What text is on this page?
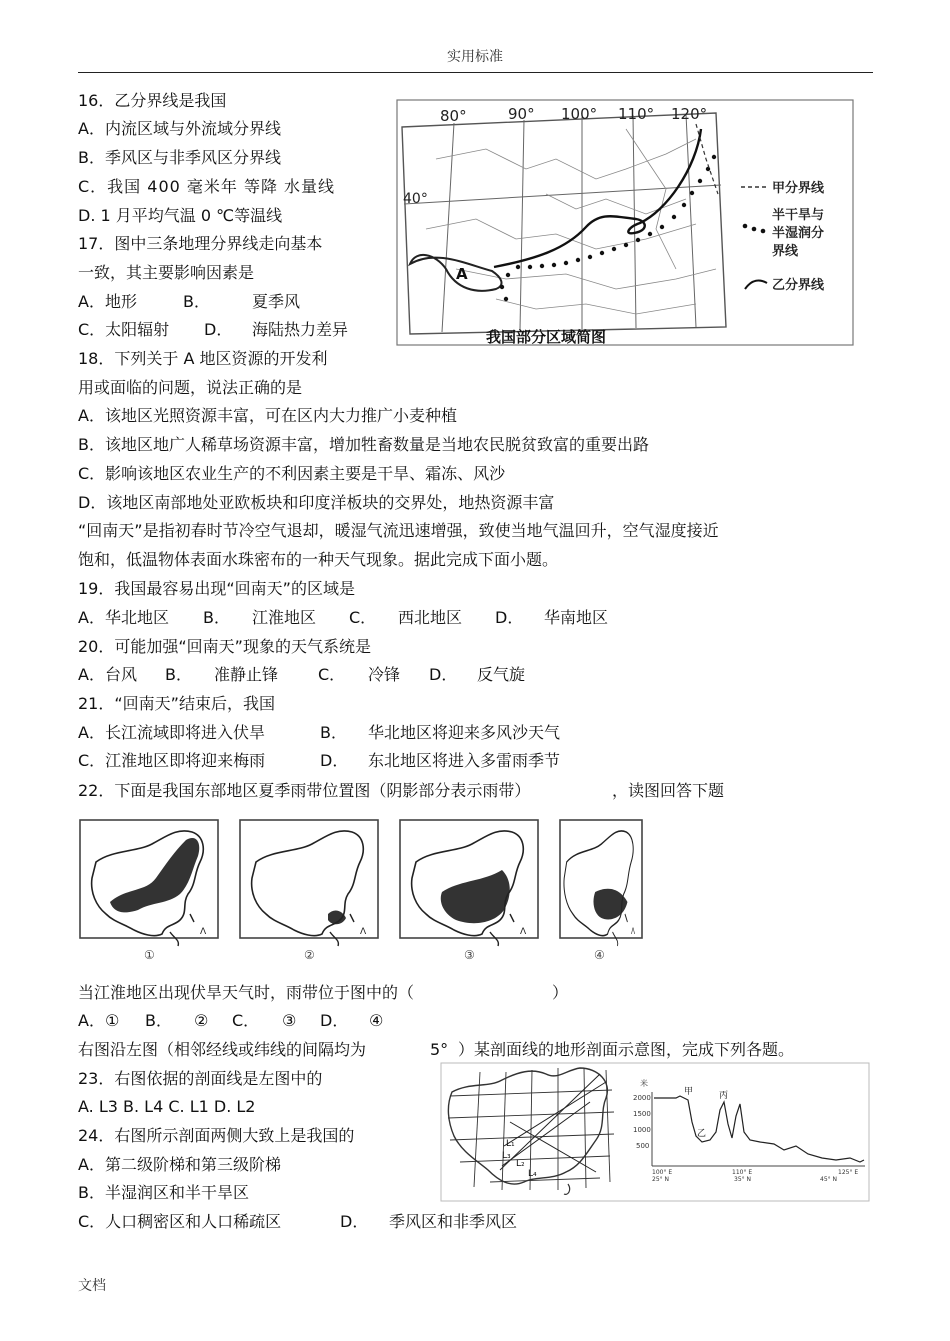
实用标准
16．乙分界线是我国
A．内流区域与外流域分界线
B．季风区与非季风区分界线
C．我国 400 毫米年 等降 水量线
D. 1 月平均气温 0 ℃等温线
17．图中三条地理分界线走向基本
一致，其主要影响因素是
A．地形	B．	夏季风
C．太阳辐射 D． 海陆热力差异
18．下列关于 A 地区资源的开发利
用或面临的问题，说法正确的是
A．该地区光照资源丰富，可在区内大力推广小麦种植
B．该地区地广人稀草场资源丰富，增加牲畜数量是当地农民脱贫致富的重要出路
C．影响该地区农业生产的不利因素主要是干旱、霜冻、风沙
D．该地区南部地处亚欧板块和印度洋板块的交界处，地热资源丰富
“回南天”是指初春时节冷空气退却，暖湿气流迅速增强，致使当地气温回升，空气湿度接近
饱和，低温物体表面水珠密布的一种天气现象。据此完成下面小题。
19．我国最容易出现“回南天”的区域是
A．华北地区 B． 江淮地区 C． 西北地区 D． 华南地区
20．可能加强“回南天”现象的天气系统是
A．台风 B． 准静止锋 C． 冷锋 D． 反气旋
21．“回南天”结束后，我国
A．长江流域即将进入伏旱	B． 华北地区将迎来多风沙天气
C．江淮地区即将迎来梅雨	D． 东北地区将进入多雷雨季节
22．下面是我国东部地区夏季雨带位置图（阴影部分表示雨带）	，读图回答下题
80°	90° 100° 110° 120°
40°
A
甲分界线
半干旱与
半湿润分
界线
乙分界线
我国部分区域简图
①	②	③	④
当江淮地区出现伏旱天气时，雨带位于图中的（	）
A．① B． ② C． ③ D． ④
右图沿左图（相邻经线或纬线的间隔均为	5° ）某剖面线的地形剖面示意图，完成下列各题。
23．右图依据的剖面线是左图中的
A. L3 B. L4 C. L1 D. L2
24．右图所示剖面两侧大致上是我国的
A．第二级阶梯和第三级阶梯
B．半湿润区和半干旱区
C．人口稠密区和人口稀疏区	D． 季风区和非季风区
L₁
L₂
L₃
L₄
米
2000
1500
1000
500
甲	丙
乙
100° E
25° N
110° E
35° N	45° N
125° E
文档
